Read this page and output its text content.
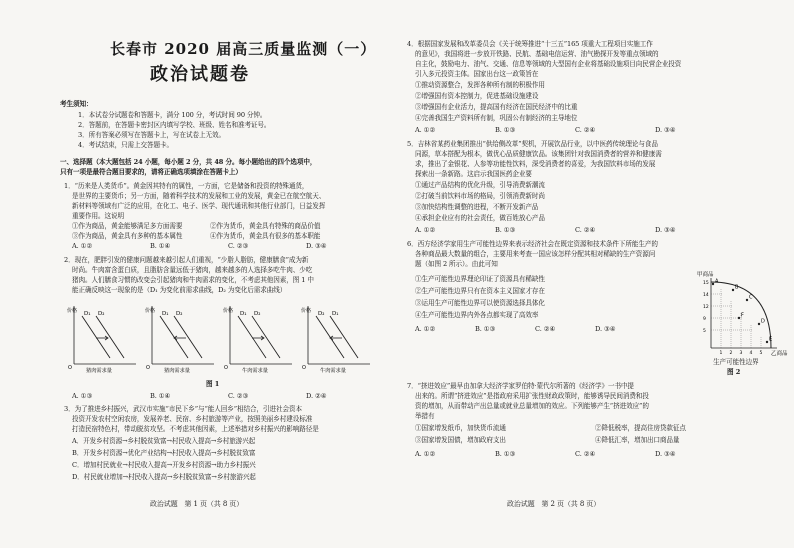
长春市 2020 届高三质量监测（一）
政治试题卷
考生须知：
1．本试卷分试题卷和答题卡，满分 100 分，考试时间 90 分钟。
2．答题前，在答题卡密封区内填写学校、班级、姓名和准考证号。
3．所有答案必须写在答题卡上，写在试卷上无效。
4．考试结束，只需上交答题卡。
一、选择题（本大题包括 24 小题，每小题 2 分，共 48 分。每小题给出的四个选项中，
只有一项是最符合题目要求的，请将正确选项填涂在答题卡上）
1．“历来是人类货币”。黄金因其特有的属性，一方面，它是储备和投资的特殊通货，
是世界的主要货币；另一方面，随着科学技术的发展和工业的发展，黄金已在航空航天、
新材料等领域有广泛的应用，在化工、电子、医学、现代通讯和其他行业部门，日益发挥
重要作用。这说明
①作为商品，黄金能够满足多方面需要	②作为货币，黄金具有特殊的商品价值
③作为商品，黄金具有多种的基本属性	④作为货币，黄金具有很多的基本职能
A. ①②	B. ①④	C. ②③	D. ③④
2．现在，肥胖引发的健康问题越来越引起人们重视，“少脂人脂肪，健康膳食”成为新
时尚。牛肉富含蛋白质，且脂肪含量远低于猪肉，越来越多的人选择多吃牛肉、少吃
猪肉。人们膳食习惯的改变会引起猪肉和牛肉需求的变化，不考虑其他因素，图 1 中
能正确反映这一现象的是（D₁ 为变化前需求曲线，D₂ 为变化后需求曲线）
价格 D₁ D₂
O	猪肉需求量
价格 D₁ D₂
O	猪肉需求量
价格 D₁ D₂
O	牛肉需求量
价格 D₂ D₁
O	牛肉需求量
图 1
A. ①③	B. ①④	C. ②③	D. ②④
3．为了推进乡村振兴，武汉市实施“市民下乡”与“能人回乡”相结合，引进社会资本
投资开发农村空闲农房，发展养老、民宿、乡村旅游等产业，按照美丽乡村建设标准
打造民宿特色村，带动脱贫攻坚。不考虑其他因素，上述举措对乡村振兴的影响路径是
A．开发乡村资源→乡村脱贫致富→村民收入提高→乡村旅游兴起
B．开发乡村资源→优化产业结构→村民收入提高→乡村脱贫致富
C．增加村民就业→村民收入提高→开发乡村资源→助力乡村振兴
D．村民就业增加→村民收入提高→乡村脱贫致富→乡村旅游兴起
政治试题　第 1 页（共 8 页）
4．根据国家发展和改革委员会《关于统筹推进“十三五”165 项重大工程项目实施工作
的意见》，我国将进一步放开铁路、民航、基础电信运营、油气勘探开发等重点领域的
自主化，鼓励电力、油气、交通、信息等领域的大型国有企业将基础设施项目向民营企业投资
引入多元投资主体。国家出台这一政策旨在
①推动资源整合，发挥各种所有制的积极作用
②增强国有资本控制力，促进基础设施建设
③增强国有企业活力，提高国有经济在国民经济中的比重
④完善我国生产资料所有制，巩固公有制经济的主导地位
A. ①②	B. ①③	C. ②④	D. ③④
5．吉林省某药业集团推出“供给侧改革”契机，开展饮品行业，以中医药传统理论与食品
同源，草本搭配为根本，做优心品质健康饮品。该集团针对我国消费者的营养和健康需
求，推出了金银花、人参等功能性饮料，深受消费者的喜爱，为我国饮料市场的发展
探索出一条新路。这启示我国医药企业要
①通过产品结构的优化升级，引导消费新潮流
②打破当前饮料市场的格局，引领消费新时尚
③加快结构性调整的进程，不断开发新产品
④承担企业应有的社会责任，做百姓放心产品
A. ①②	B. ①③	C. ②④	D. ③④
6．西方经济学家用生产可能性边界来表示经济社会在既定资源和技术条件下所能生产的
各种商品最大数量的组合，主要用来考查一国应该怎样分配其相对稀缺的生产资源问
题（如图 2 所示）。由此可知
①生产可能性边界理论印证了资源具有稀缺性
②生产可能性边界只有在资本主义国家才存在
③运用生产可能性边界可以使资源选择具体化
④生产可能性边界内外各点都实现了高效率
A. ①②	B. ①③	C. ②④	D. ③④
甲商品
乙商品
15
14
12
9
5
1 2 3 4 5
A
B
C
D
E
F
生产可能性边界
图 2
7．“挤进效应”最早由加拿大经济学家罗伯特·蒙代尔所著的《经济学》一书中提
出来的。所谓“挤进效应”是指政府采用扩张性财政政策时，能够诱导民间消费和投
资的增加，从而带动产出总量或就业总量增加的效应。下列能够产生“挤进效应”的
举措有
①国家增发纸币，加快货币流通	②降低税率，提高住房贷款征点
③国家增发国债，增加政府支出	④降低汇率，增加出口商品量
A. ①②	B. ①③	C. ②④	D. ③④
政治试题　第 2 页（共 8 页）
